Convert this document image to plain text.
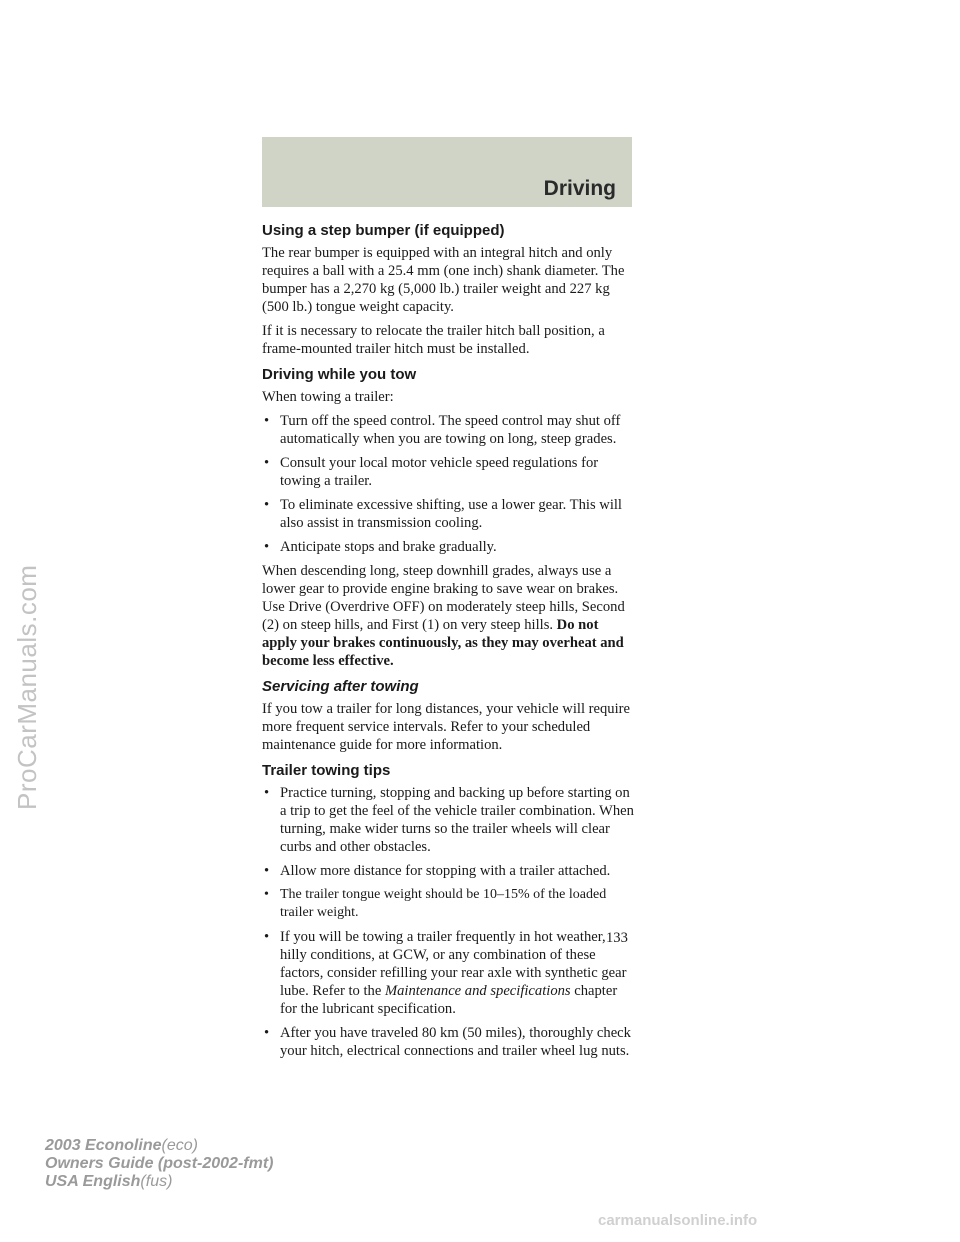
Driving
Using a step bumper (if equipped)

The rear bumper is equipped with an integral hitch and only requires a ball with a 25.4 mm (one inch) shank diameter. The bumper has a 2,270 kg (5,000 lb.) trailer weight and 227 kg (500 lb.) tongue weight capacity.

If it is necessary to relocate the trailer hitch ball position, a frame-mounted trailer hitch must be installed.

Driving while you tow

When towing a trailer:

• Turn off the speed control. The speed control may shut off automatically when you are towing on long, steep grades.
• Consult your local motor vehicle speed regulations for towing a trailer.
• To eliminate excessive shifting, use a lower gear. This will also assist in transmission cooling.
• Anticipate stops and brake gradually.

When descending long, steep downhill grades, always use a lower gear to provide engine braking to save wear on brakes. Use Drive (Overdrive OFF) on moderately steep hills, Second (2) on steep hills, and First (1) on very steep hills. Do not apply your brakes continuously, as they may overheat and become less effective.

Servicing after towing

If you tow a trailer for long distances, your vehicle will require more frequent service intervals. Refer to your scheduled maintenance guide for more information.

Trailer towing tips
• Practice turning, stopping and backing up before starting on a trip to get the feel of the vehicle trailer combination. When turning, make wider turns so the trailer wheels will clear curbs and other obstacles.
• Allow more distance for stopping with a trailer attached.
• The trailer tongue weight should be 10–15% of the loaded trailer weight.
• If you will be towing a trailer frequently in hot weather, hilly conditions, at GCW, or any combination of these factors, consider refilling your rear axle with synthetic gear lube. Refer to the Maintenance and specifications chapter for the lubricant specification.
• After you have traveled 80 km (50 miles), thoroughly check your hitch, electrical connections and trailer wheel lug nuts.
133
2003 Econoline(eco)
Owners Guide (post-2002-fmt)
USA English(fus)
ProCarManuals.com
carmanualsonline.info
